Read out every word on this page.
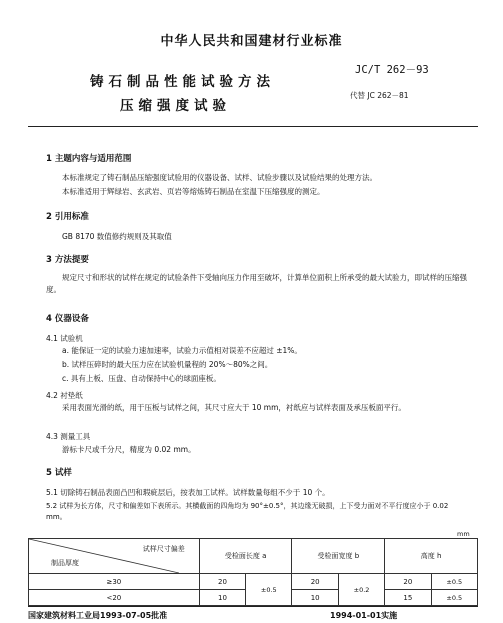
中华人民共和国建材行业标准
铸石制品性能试验方法
压缩强度试验
JC/T 262－93
代替 JC 262－81
1 主题内容与适用范围
本标准规定了铸石制品压缩强度试验用的仪器设备、试样、试验步骤以及试验结果的处理方法。
本标准适用于辉绿岩、玄武岩、页岩等熔炼铸石制品在室温下压缩强度的测定。
2 引用标准
GB 8170 数值修约规则及其取值
3 方法提要
规定尺寸和形状的试样在规定的试验条件下受轴向压力作用至破坏，计算单位面积上所承受的最大试验力，即试样的压缩强度。
4 仪器设备
4.1 试验机
a. 能保证一定的试验力速加速率，试验力示值相对误差不应超过 ±1%。
b. 试样压碎时的最大压力应在试验机量程的 20%～80%之间。
c. 具有上板、压盘、自动保持中心的球面座板。
4.2 衬垫纸
采用表面光滑的纸，用于压板与试样之间，其尺寸应大于 10 mm，衬纸应与试样表面及承压板面平行。
4.3 测量工具
游标卡尺或千分尺，精度为 0.02 mm。
5 试样
5.1 切除铸石制品表面凸凹和瑕疵层后，按表加工试样。试样数量每组不少于 10 个。
5.2 试样为长方体，尺寸和偏差如下表所示。其横截面的四角均为 90°±0.5°，其边缘无破损，上下受力面对不平行度应小于 0.02 mm。
mm
试样尺寸偏差
制品厚度	受检面长度 a		受检面宽度 b		高度 h	
≥30	20	±0.5	20	±0.2	20	±0.5
<20	10		10		15	±0.5
国家建筑材料工业局1993-07-05批准	1994-01-01实施
